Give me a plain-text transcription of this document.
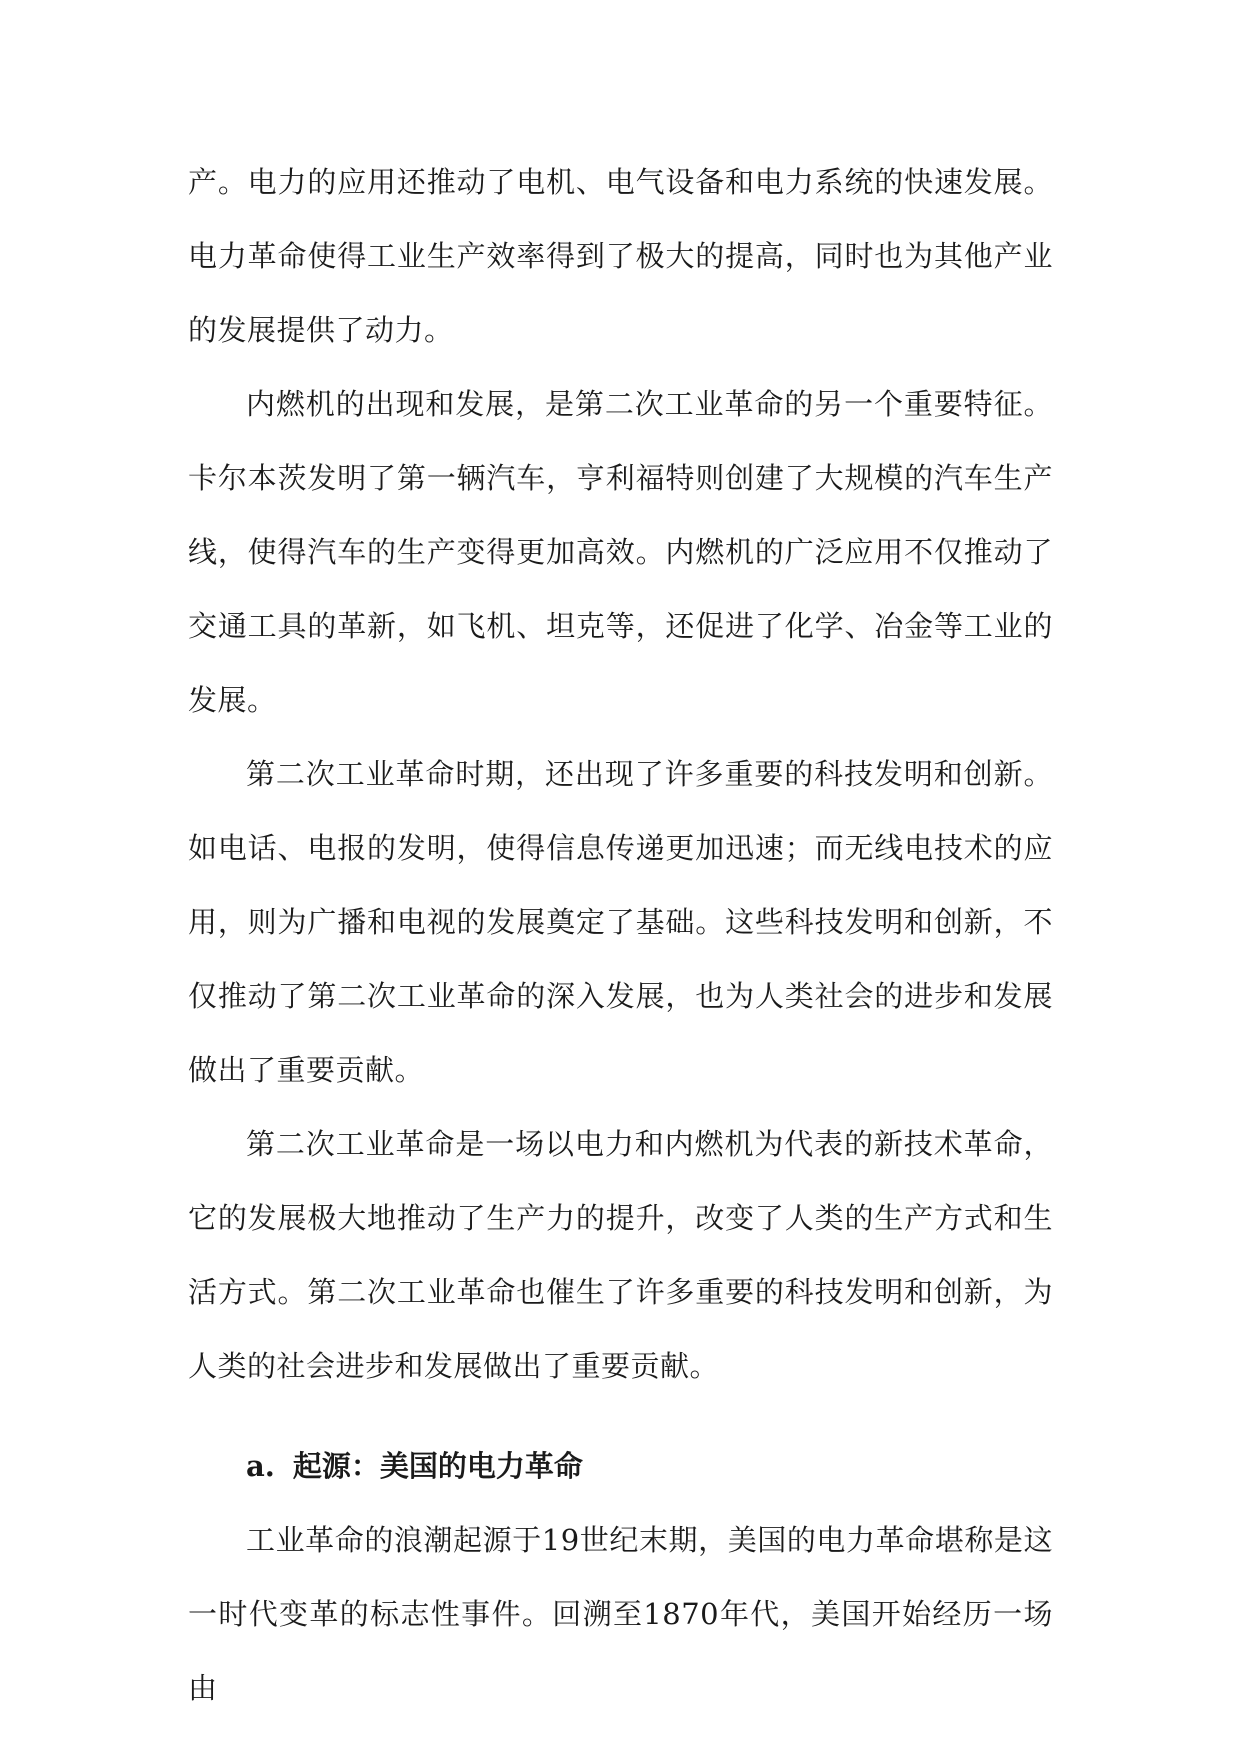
产。电力的应用还推动了电机、电气设备和电力系统的快速发展。电力革命使得工业生产效率得到了极大的提高，同时也为其他产业的发展提供了动力。

内燃机的出现和发展，是第二次工业革命的另一个重要特征。卡尔本茨发明了第一辆汽车，亨利福特则创建了大规模的汽车生产线，使得汽车的生产变得更加高效。内燃机的广泛应用不仅推动了交通工具的革新，如飞机、坦克等，还促进了化学、冶金等工业的发展。

第二次工业革命时期，还出现了许多重要的科技发明和创新。如电话、电报的发明，使得信息传递更加迅速；而无线电技术的应用，则为广播和电视的发展奠定了基础。这些科技发明和创新，不仅推动了第二次工业革命的深入发展，也为人类社会的进步和发展做出了重要贡献。

第二次工业革命是一场以电力和内燃机为代表的新技术革命，它的发展极大地推动了生产力的提升，改变了人类的生产方式和生活方式。第二次工业革命也催生了许多重要的科技发明和创新，为人类的社会进步和发展做出了重要贡献。

a. 起源：美国的电力革命

工业革命的浪潮起源于19世纪末期，美国的电力革命堪称是这一时代变革的标志性事件。回溯至1870年代，美国开始经历一场由
